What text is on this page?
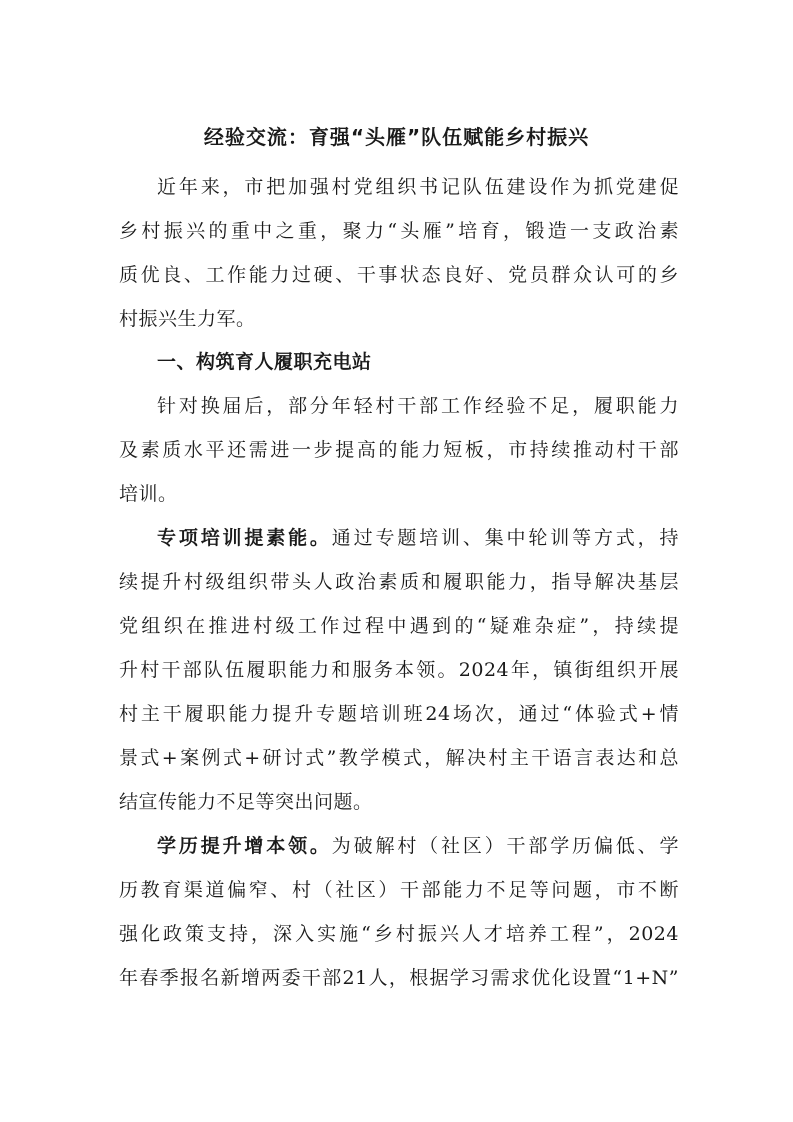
经验交流：育强“头雁”队伍赋能乡村振兴
近年来，市把加强村党组织书记队伍建设作为抓党建促
乡村振兴的重中之重，聚力“头雁”培育，锻造一支政治素
质优良、工作能力过硬、干事状态良好、党员群众认可的乡
村振兴生力军。
一、构筑育人履职充电站
针对换届后，部分年轻村干部工作经验不足，履职能力
及素质水平还需进一步提高的能力短板，市持续推动村干部
培训。
专项培训提素能。通过专题培训、集中轮训等方式，持
续提升村级组织带头人政治素质和履职能力，指导解决基层
党组织在推进村级工作过程中遇到的“疑难杂症”，持续提
升村干部队伍履职能力和服务本领。2024年，镇街组织开展
村主干履职能力提升专题培训班24场次，通过“体验式+情
景式+案例式+研讨式”教学模式，解决村主干语言表达和总
结宣传能力不足等突出问题。
学历提升增本领。为破解村（社区）干部学历偏低、学
历教育渠道偏窄、村（社区）干部能力不足等问题，市不断
强化政策支持，深入实施“乡村振兴人才培养工程”，2024
年春季报名新增两委干部21人，根据学习需求优化设置“1+N”
